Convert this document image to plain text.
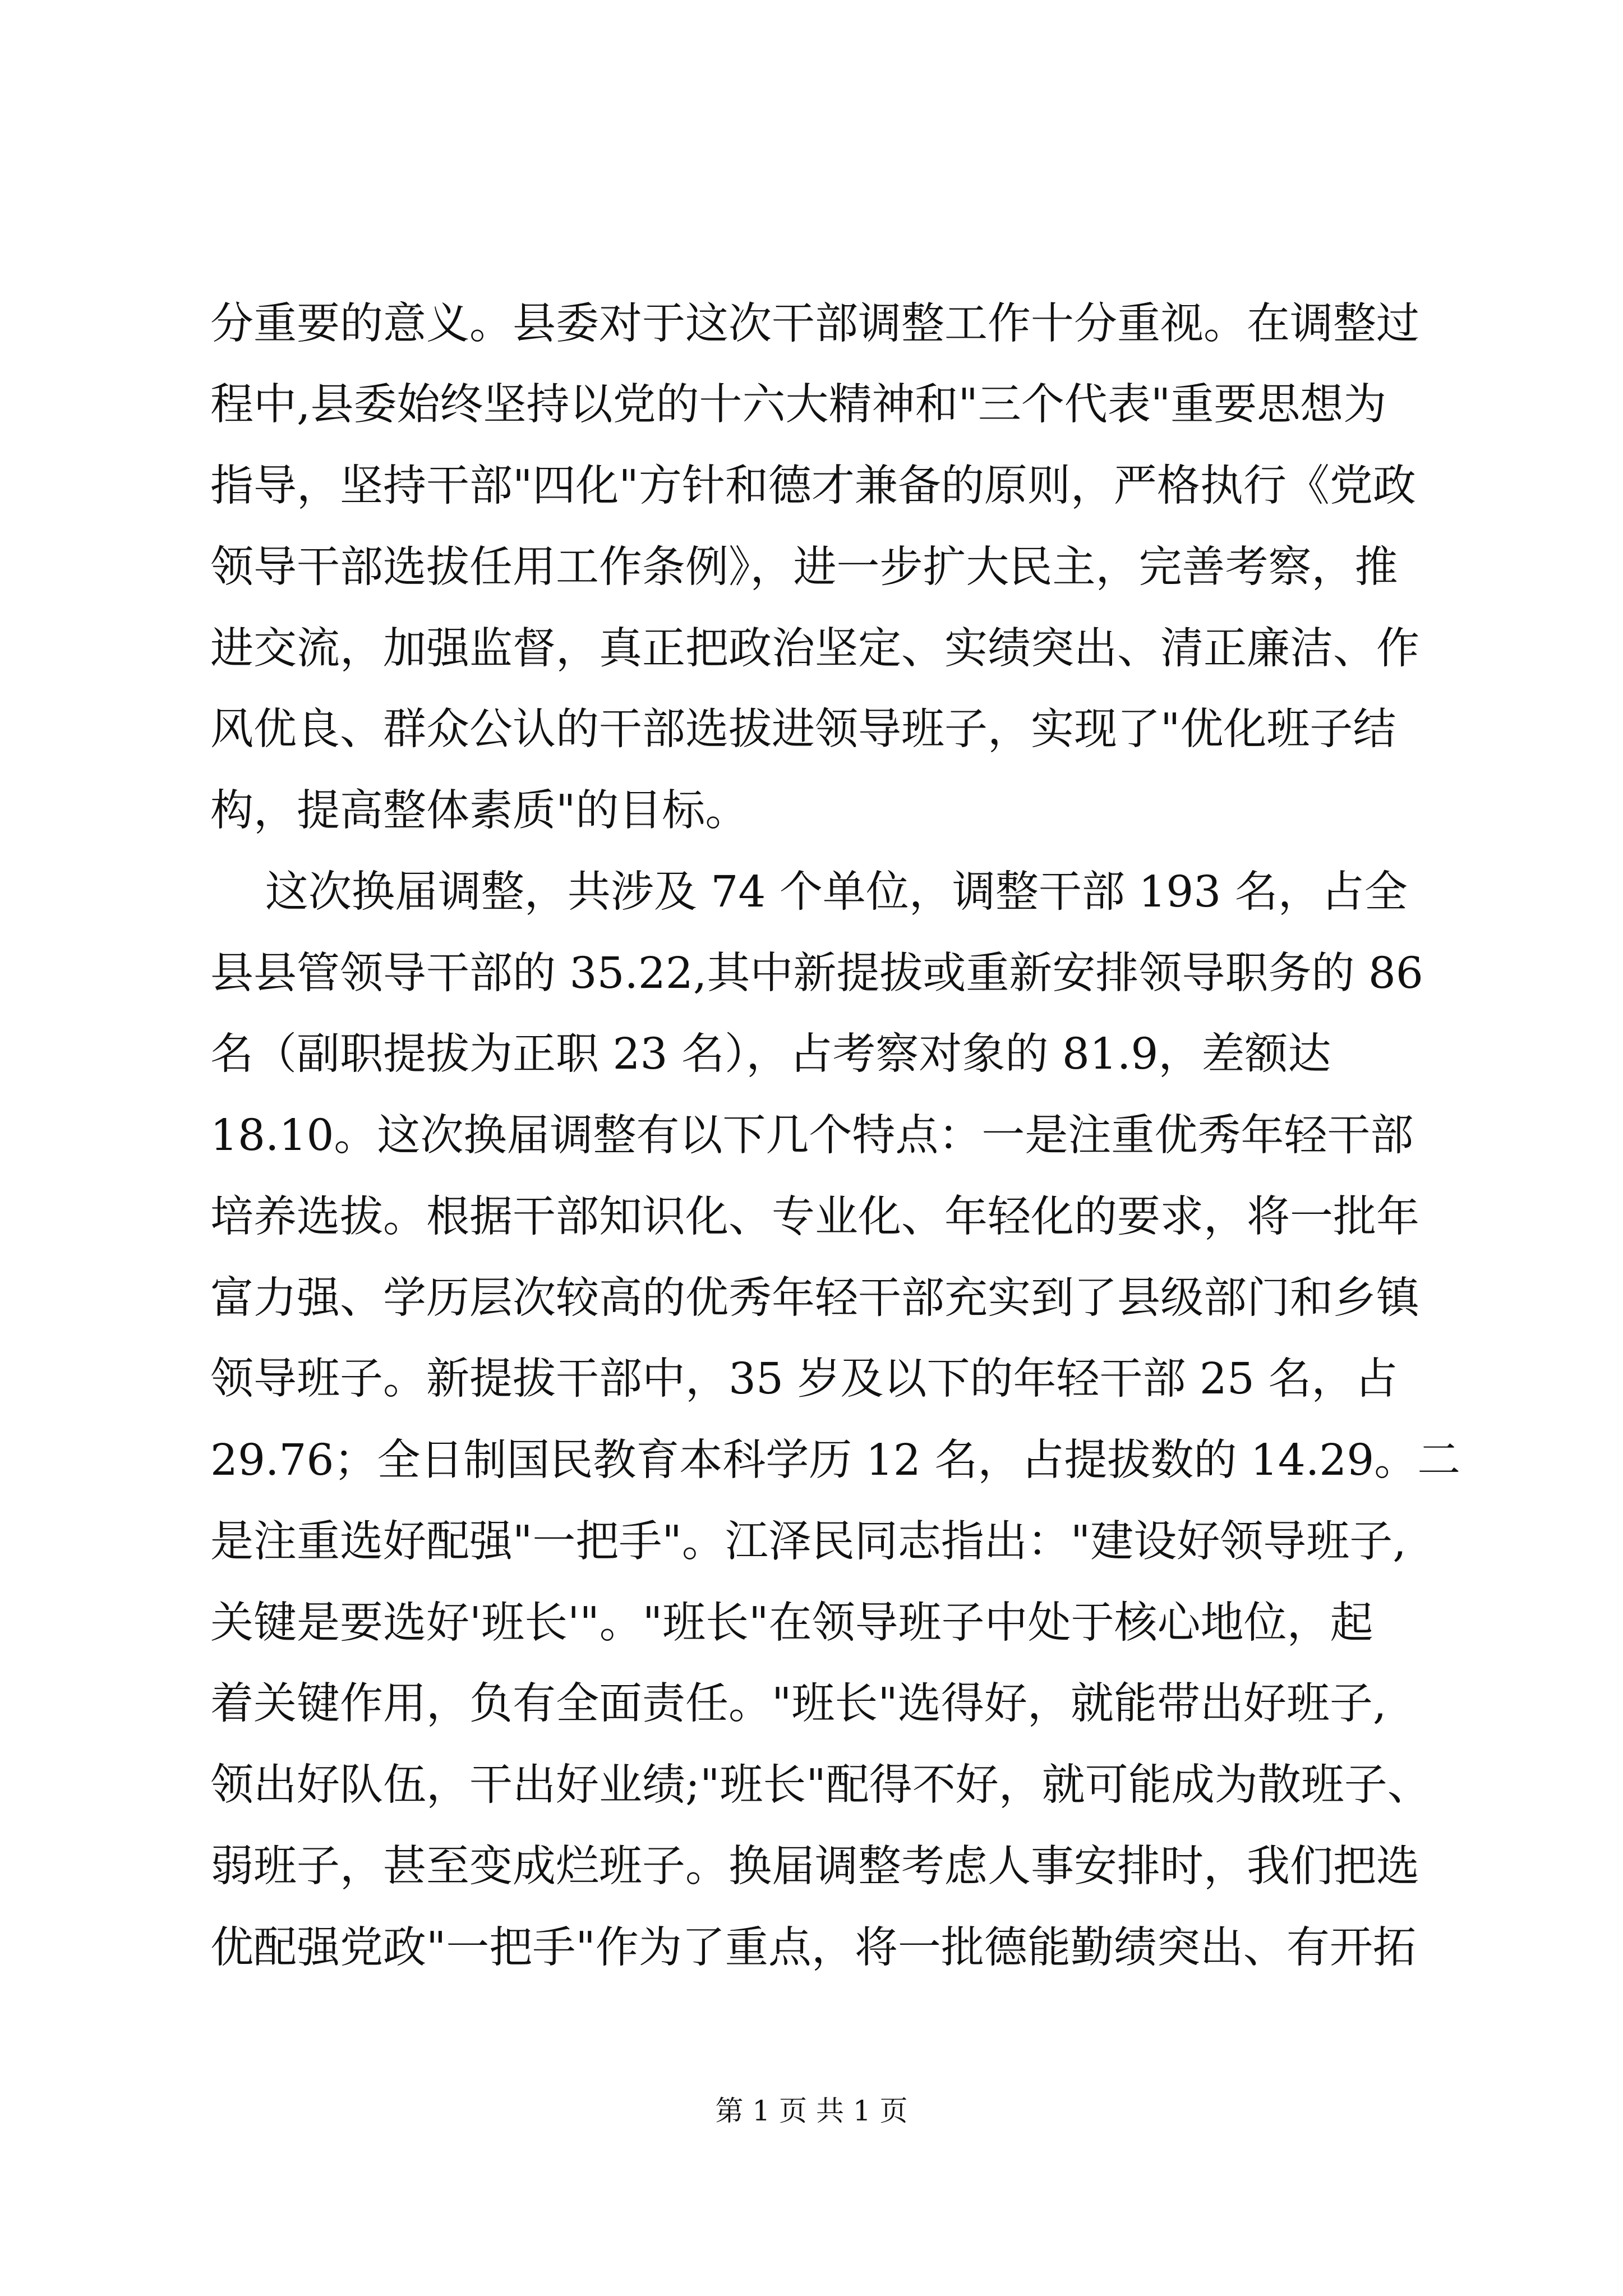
分重要的意义。县委对于这次干部调整工作十分重视。在调整过

程中,县委始终坚持以党的十六大精神和"三个代表"重要思想为

指导，坚持干部"四化"方针和德才兼备的原则，严格执行《党政

领导干部选拔任用工作条例》，进一步扩大民主，完善考察，推

进交流，加强监督，真正把政治坚定、实绩突出、清正廉洁、作

风优良、群众公认的干部选拔进领导班子，实现了"优化班子结

构，提高整体素质"的目标。

这次换届调整，共涉及 74 个单位，调整干部 193 名，占全

县县管领导干部的 35.22,其中新提拔或重新安排领导职务的 86

名（副职提拔为正职 23 名），占考察对象的 81.9，差额达

18.10。这次换届调整有以下几个特点：一是注重优秀年轻干部

培养选拔。根据干部知识化、专业化、年轻化的要求，将一批年

富力强、学历层次较高的优秀年轻干部充实到了县级部门和乡镇

领导班子。新提拔干部中，35 岁及以下的年轻干部 25 名，占

29.76；全日制国民教育本科学历 12 名，占提拔数的 14.29。二

是注重选好配强"一把手"。江泽民同志指出："建设好领导班子,

关键是要选好'班长'"。"班长"在领导班子中处于核心地位，起

着关键作用，负有全面责任。"班长"选得好，就能带出好班子,

领出好队伍，干出好业绩;"班长"配得不好，就可能成为散班子、

弱班子，甚至变成烂班子。换届调整考虑人事安排时，我们把选

优配强党政"一把手"作为了重点，将一批德能勤绩突出、有开拓

第 1 页 共 1 页
